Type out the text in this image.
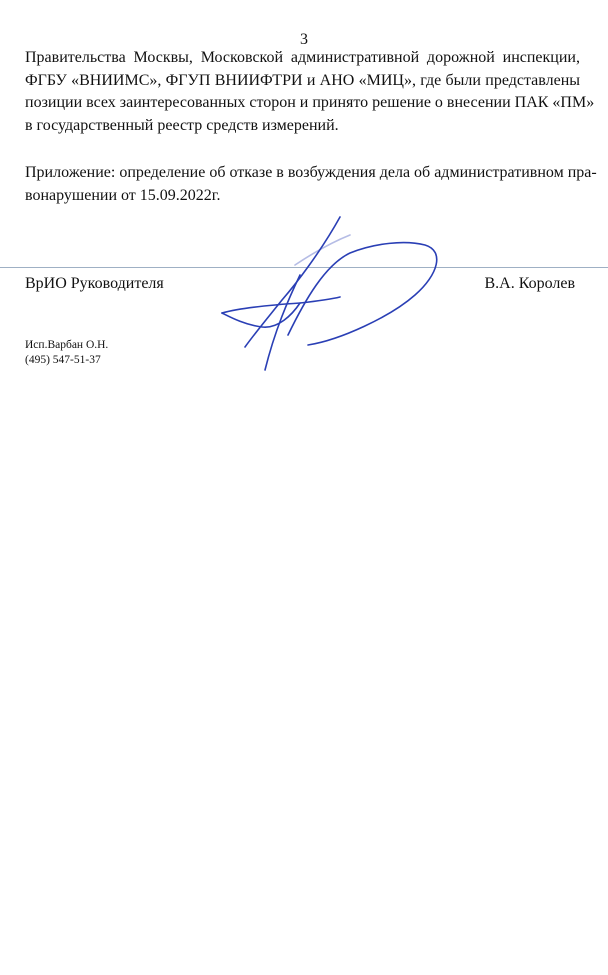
3
Правительства Москвы, Московской административной дорожной инспекции,
ФГБУ «ВНИИМС», ФГУП ВНИИФТРИ и АНО «МИЦ», где были представлены
позиции всех заинтересованных сторон и принято решение о внесении ПАК «ПМ»
в государственный реестр средств измерений.
Приложение: определение об отказе в возбуждения дела об административном пра-
вонарушении от 15.09.2022г.
ВрИО Руководителя	В.А. Королев
Исп.Варбан О.Н.
(495) 547-51-37
